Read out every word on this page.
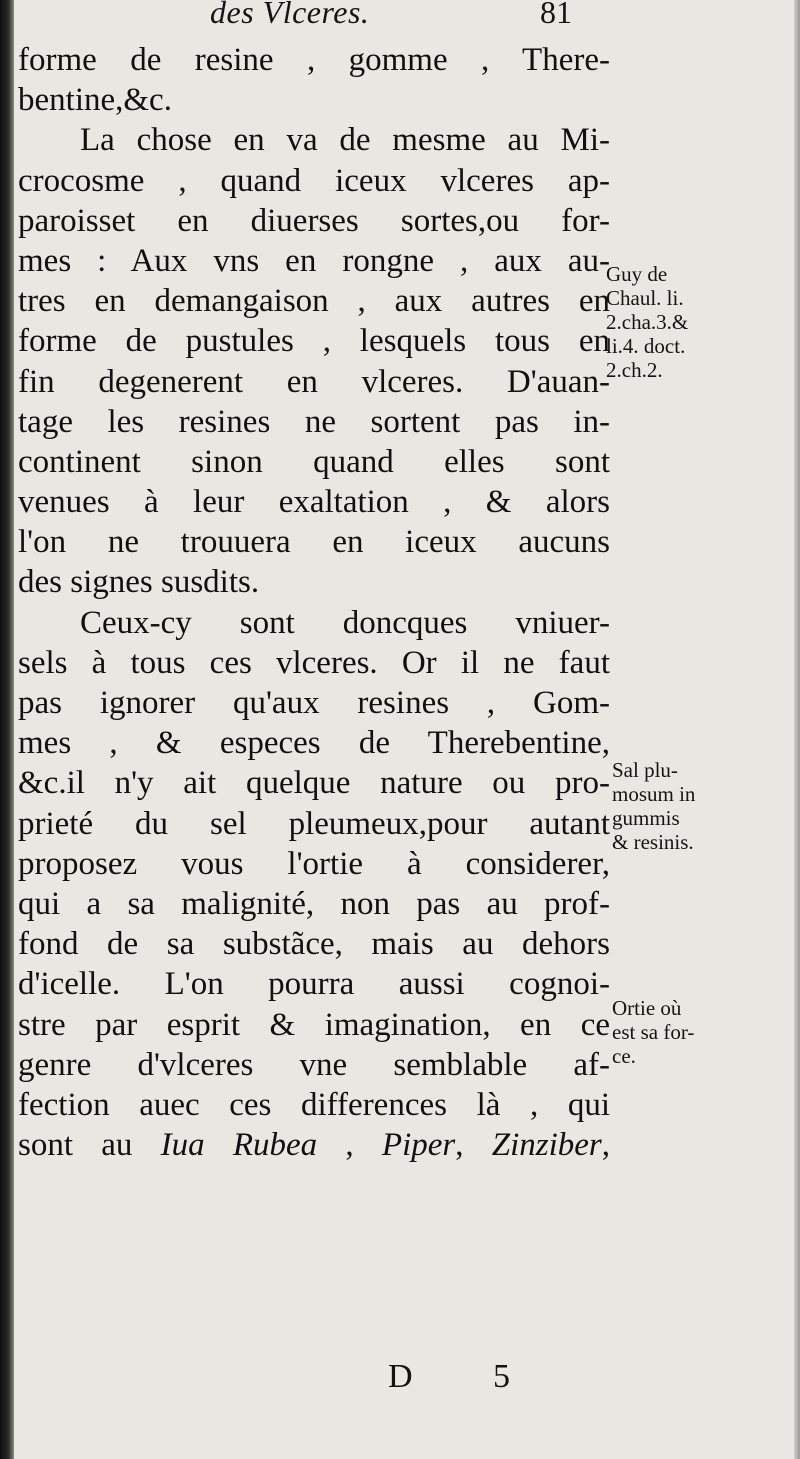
des Vlceres.	81
forme de resine , gomme , There-
bentine,&c.
La chose en va de mesme au Mi-
crocosme , quand iceux vlceres ap-
paroisset en diuerses sortes,ou for-
mes : Aux vns en rongne , aux au-
tres en demangaison , aux autres en
forme de pustules , lesquels tous en
fin degenerent en vlceres. D'auan-
tage les resines ne sortent pas in-
continent sinon quand elles sont
venues à leur exaltation , & alors
l'on ne trouuera en iceux aucuns
des signes susdits.
Ceux-cy sont doncques vniuer-
sels à tous ces vlceres. Or il ne faut
pas ignorer qu'aux resines , Gom-
mes , & especes de Therebentine,
&c.il n'y ait quelque nature ou pro-
prieté du sel pleumeux,pour autant
proposez vous l'ortie à considerer,
qui a sa malignité, non pas au prof-
fond de sa substãce, mais au dehors
d'icelle. L'on pourra aussi cognoi-
stre par esprit & imagination, en ce
genre d'vlceres vne semblable af-
fection auec ces differences là , qui
sont au Iua Rubea , Piper, Zinziber,
Guy de
Chaul. li.
2.cha.3.&
li.4. doct.
2.ch.2.
Sal plu-
mosum in
gummis
& resinis.
Ortie où
est sa for-
ce.
D 5
